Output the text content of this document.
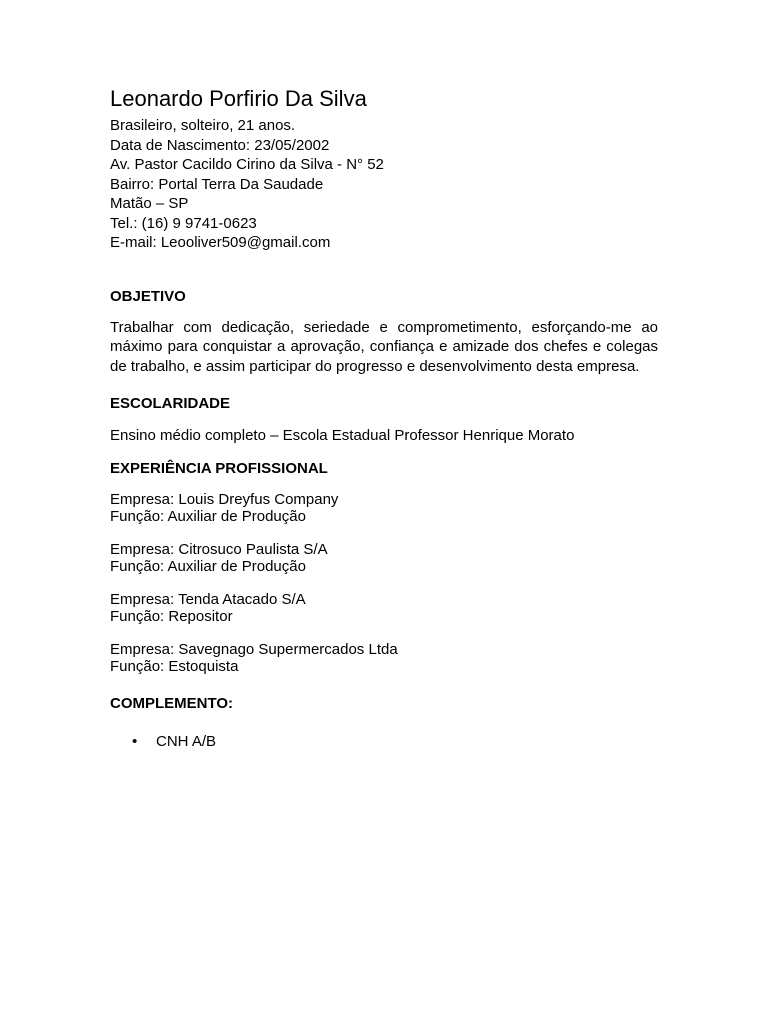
Leonardo Porfirio Da Silva

Brasileiro, solteiro, 21 anos.

Data de Nascimento: 23/05/2002

Av. Pastor Cacildo Cirino da Silva - N° 52

Bairro: Portal Terra Da Saudade

Matão – SP

Tel.: (16) 9 9741-0623

E-mail: Leooliver509@gmail.com

OBJETIVO

Trabalhar com dedicação, seriedade e comprometimento, esforçando-me ao máximo para conquistar a aprovação, confiança e amizade dos chefes e colegas de trabalho, e assim participar do progresso e desenvolvimento desta empresa.

ESCOLARIDADE

Ensino médio completo – Escola Estadual Professor Henrique Morato

EXPERIÊNCIA PROFISSIONAL

Empresa: Louis Dreyfus Company

Função: Auxiliar de Produção

Empresa: Citrosuco Paulista S/A

Função: Auxiliar de Produção

Empresa: Tenda Atacado S/A

Função: Repositor

Empresa: Savegnago Supermercados Ltda

Função: Estoquista

COMPLEMENTO:

• CNH A/B
